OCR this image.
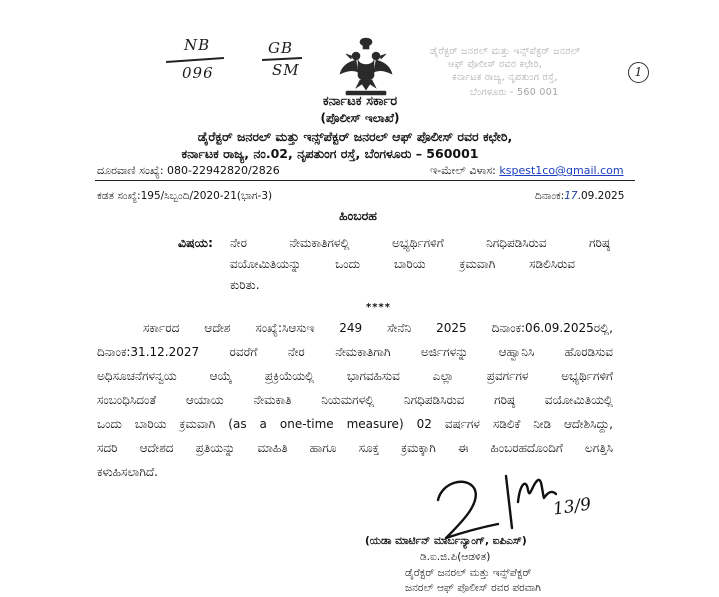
NB
096
GB
SM
ಡೈರೆಕ್ಟರ್ ಜನರಲ್ ಮತ್ತು ಇನ್ಸ್‌ಪೆಕ್ಟರ್ ಜನರಲ್
ಆಫ್ ಪೊಲೀಸ್ ರವರ ಕಛೇರಿ,
ಕರ್ನಾಟಕ ರಾಜ್ಯ, ನೃಪತುಂಗ ರಸ್ತೆ,
ಬೆಂಗಳೂರು - 560 001
1
ಕರ್ನಾಟಕ ಸರ್ಕಾರ
(ಪೊಲೀಸ್ ಇಲಾಖೆ)
ಡೈರೆಕ್ಟರ್ ಜನರಲ್ ಮತ್ತು ಇನ್ಸ್‌ಪೆಕ್ಟರ್ ಜನರಲ್ ಆಫ್ ಪೊಲೀಸ್ ರವರ ಕಛೇರಿ,
ಕರ್ನಾಟಕ ರಾಜ್ಯ, ನಂ.02, ನೃಪತುಂಗ ರಸ್ತೆ, ಬೆಂಗಳೂರು – 560001
ದೂರವಾಣಿ ಸಂಖ್ಯೆ: 080-22942820/2826	ಇ-ಮೇಲ್ ವಿಳಾಸ: kspest1co@gmail.com
ಕಡತ ಸಂಖ್ಯೆ:195/ಸಿಬ್ಬಂದಿ/2020-21(ಭಾಗ-3)	ದಿನಾಂಕ:17.09.2025
ಹಿಂಬರಹ
ವಿಷಯ: ನೇರ ನೇಮಕಾತಿಗಳಲ್ಲಿ ಅಭ್ಯರ್ಥಿಗಳಿಗೆ ನಿಗಧಿಪಡಿಸಿರುವ ಗರಿಷ್ಠ
ವಯೋಮಿತಿಯನ್ನು ಒಂದು ಬಾರಿಯ ಕ್ರಮವಾಗಿ ಸಡಿಲಿಸಿರುವ
ಕುರಿತು.
****
ಸರ್ಕಾರದ ಆದೇಶ ಸಂಖ್ಯೆ:ಸಿಆಸುಇ 249 ಸೇನೆನಿ 2025 ದಿನಾಂಕ:06.09.2025ರಲ್ಲಿ,
ದಿನಾಂಕ:31.12.2027 ರವರೆಗೆ ನೇರ ನೇಮಕಾತಿಗಾಗಿ ಅರ್ಜಿಗಳನ್ನು ಆಹ್ವಾನಿಸಿ ಹೊರಡಿಸುವ
ಅಧಿಸೂಚನೆಗಳನ್ವಯ ಆಯ್ಕೆ ಪ್ರಕ್ರಿಯೆಯಲ್ಲಿ ಭಾಗವಹಿಸುವ ಎಲ್ಲಾ ಪ್ರವರ್ಗಗಳ ಅಭ್ಯರ್ಥಿಗಳಿಗೆ
ಸಂಬಂಧಿಸಿದಂತೆ ಆಯಾಯ ನೇಮಕಾತಿ ನಿಯಮಗಳಲ್ಲಿ ನಿಗಧಿಪಡಿಸಿರುವ ಗರಿಷ್ಠ ವಯೋಮಿತಿಯಲ್ಲಿ
ಒಂದು ಬಾರಿಯ ಕ್ರಮವಾಗಿ (as a one-time measure) 02 ವರ್ಷಗಳ ಸಡಿಲಿಕೆ ನೀಡಿ ಆದೇಶಿಸಿದ್ದು,
ಸದರಿ ಆದೇಶದ ಪ್ರತಿಯನ್ನು ಮಾಹಿತಿ ಹಾಗೂ ಸೂಕ್ತ ಕ್ರಮಕ್ಕಾಗಿ ಈ ಹಿಂಬರಹದೊಂದಿಗೆ ಲಗತ್ತಿಸಿ
ಕಳುಹಿಸಲಾಗಿದೆ.
13/9
(ಯಡಾ ಮಾರ್ಟಿನ್ ಮಾರ್ಬನ್ಯಾಂಗ್, ಐಪಿಎಸ್)
ಡಿ.ಐ.ಜಿ.ಪಿ(ಆಡಳಿತ)
ಡೈರೆಕ್ಟರ್ ಜನರಲ್ ಮತ್ತು ಇನ್ಸ್‌ಪೆಕ್ಟರ್
ಜನರಲ್ ಆಫ್ ಪೊಲೀಸ್ ರವರ ಪರವಾಗಿ
